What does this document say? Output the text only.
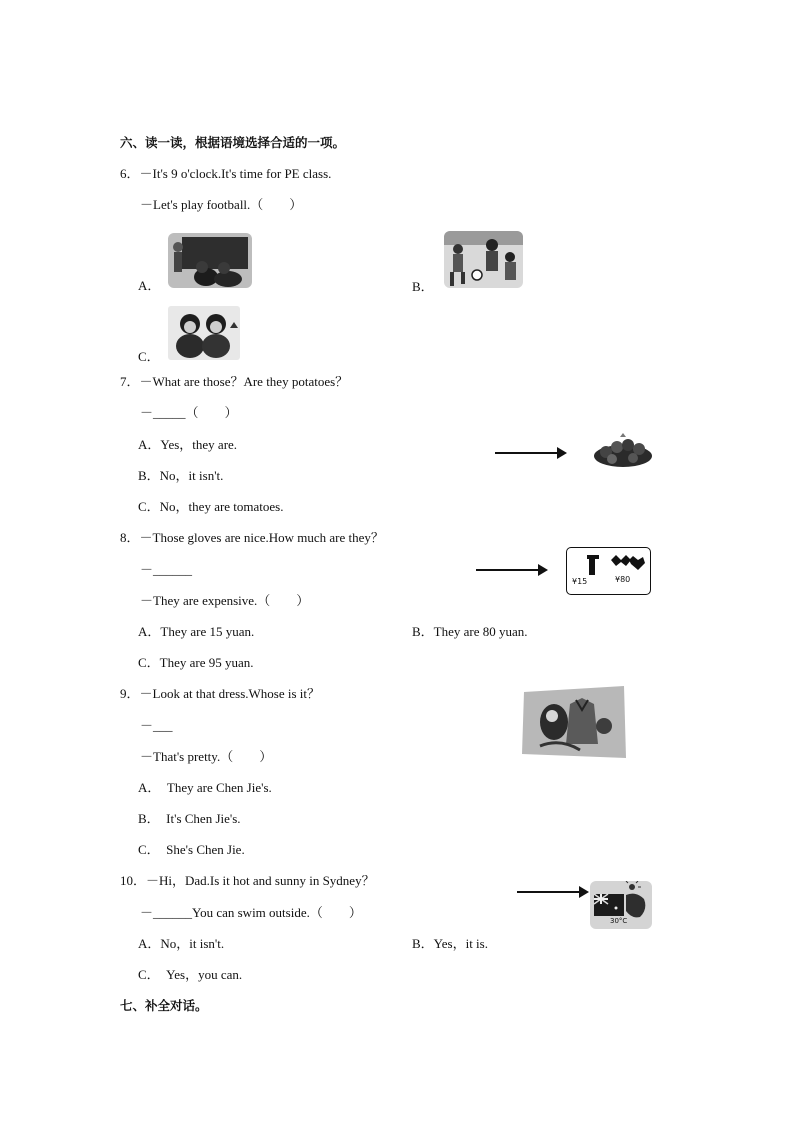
六、读一读，根据语境选择合适的一项。
6．－It's 9 o'clock.It's time for PE class.
－Let's play football.（　　）
A．	B．
C．
7．－What are those？Are they potatoes？
－_____（　　）
A．Yes，they are.
B．No，it isn't.
C．No，they are tomatoes.
8．－Those gloves are nice.How much are they？
－______
－They are expensive.（　　）
A．They are 15 yuan.	B．They are 80 yuan.
C．They are 95 yuan.
¥15	¥80
9．－Look at that dress.Whose is it？
－___
－That's pretty.（　　）
A．　They are Chen Jie's.
B．　It's Chen Jie's.
C．　She's Chen Jie.
10．－Hi，Dad.Is it hot and sunny in Sydney？
－______You can swim outside.（　　）
A．No，it isn't.	B．Yes，it is.
C．　Yes，you can.
30°C
七、补全对话。
